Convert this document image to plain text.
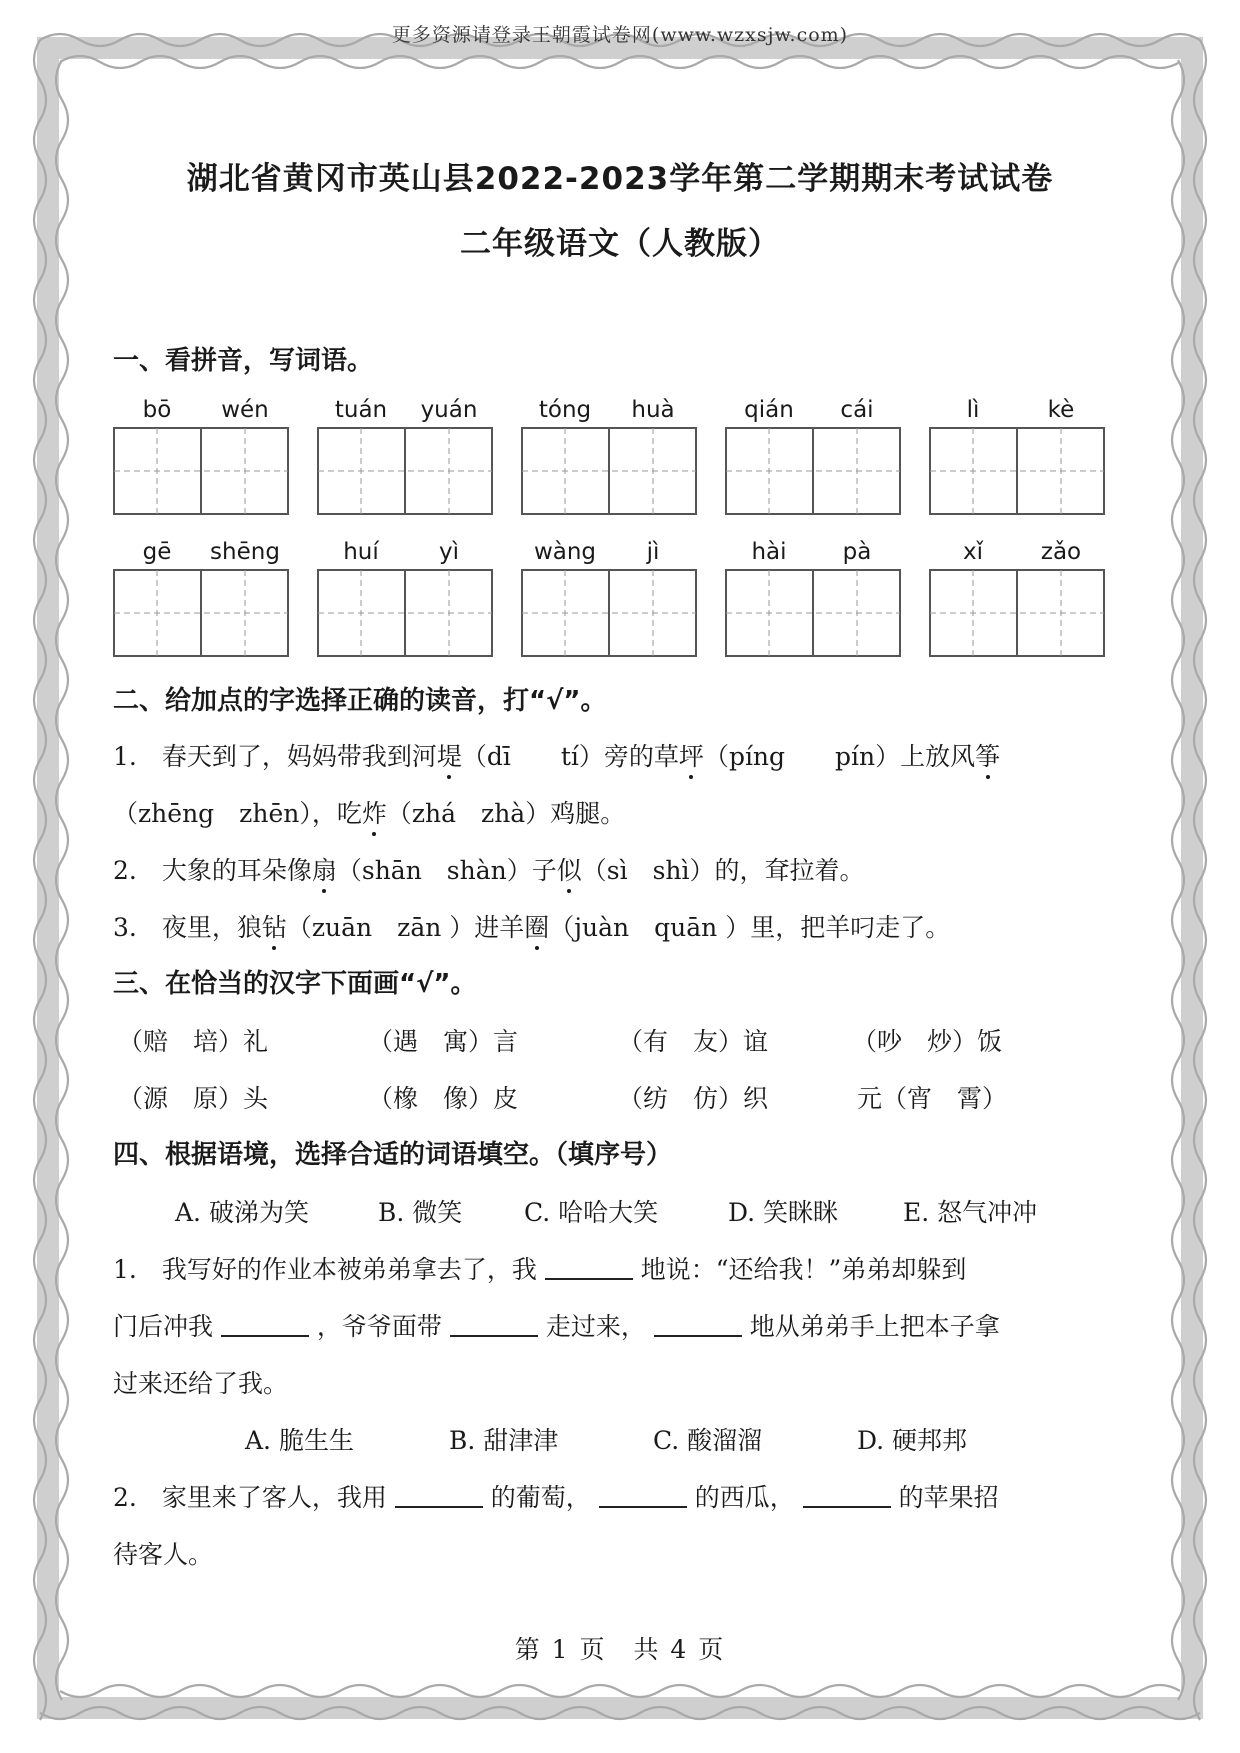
更多资源请登录王朝霞试卷网(www.wzxsjw.com)
湖北省黄冈市英山县2022-2023学年第二学期期末考试试卷
二年级语文（人教版）
一、看拼音，写词语。
bō	wén	tuán	yuán	tóng	huà	qián	cái	lì	kè
gē	shēng	huí	yì	wàng	jì	hài	pà	xǐ	zǎo
二、给加点的字选择正确的读音，打“√”。
1.　春天到了，妈妈带我到河堤（dī　　tí）旁的草坪（píng　　pín）上放风筝
（zhēng　zhēn），吃炸（zhá　zhà）鸡腿。
2.　大象的耳朵像扇（shān　shàn）子似（sì　shì）的，耷拉着。
3.　夜里，狼钻（zuān　zān ）进羊圈（juàn　quān ）里，把羊叼走了。
三、在恰当的汉字下面画“√”。
（赔　培）礼	（遇　寓）言	（有　友）谊	（吵　炒）饭
（源　原）头	（橡　像）皮	（纺　仿）织	元（宵　霄）
四、根据语境，选择合适的词语填空。（填序号）
A. 破涕为笑	B. 微笑 C. 哈哈大笑	D. 笑眯眯	E. 怒气冲冲
1.　我写好的作业本被弟弟拿去了，我	地说：“还给我！”弟弟却躲到
门后冲我	，爷爷面带	走过来，	地从弟弟手上把本子拿
过来还给了我。
A. 脆生生	B. 甜津津	C. 酸溜溜	D. 硬邦邦
2.　家里来了客人，我用	的葡萄，	的西瓜，	的苹果招
待客人。
第 1 页　共 4 页
